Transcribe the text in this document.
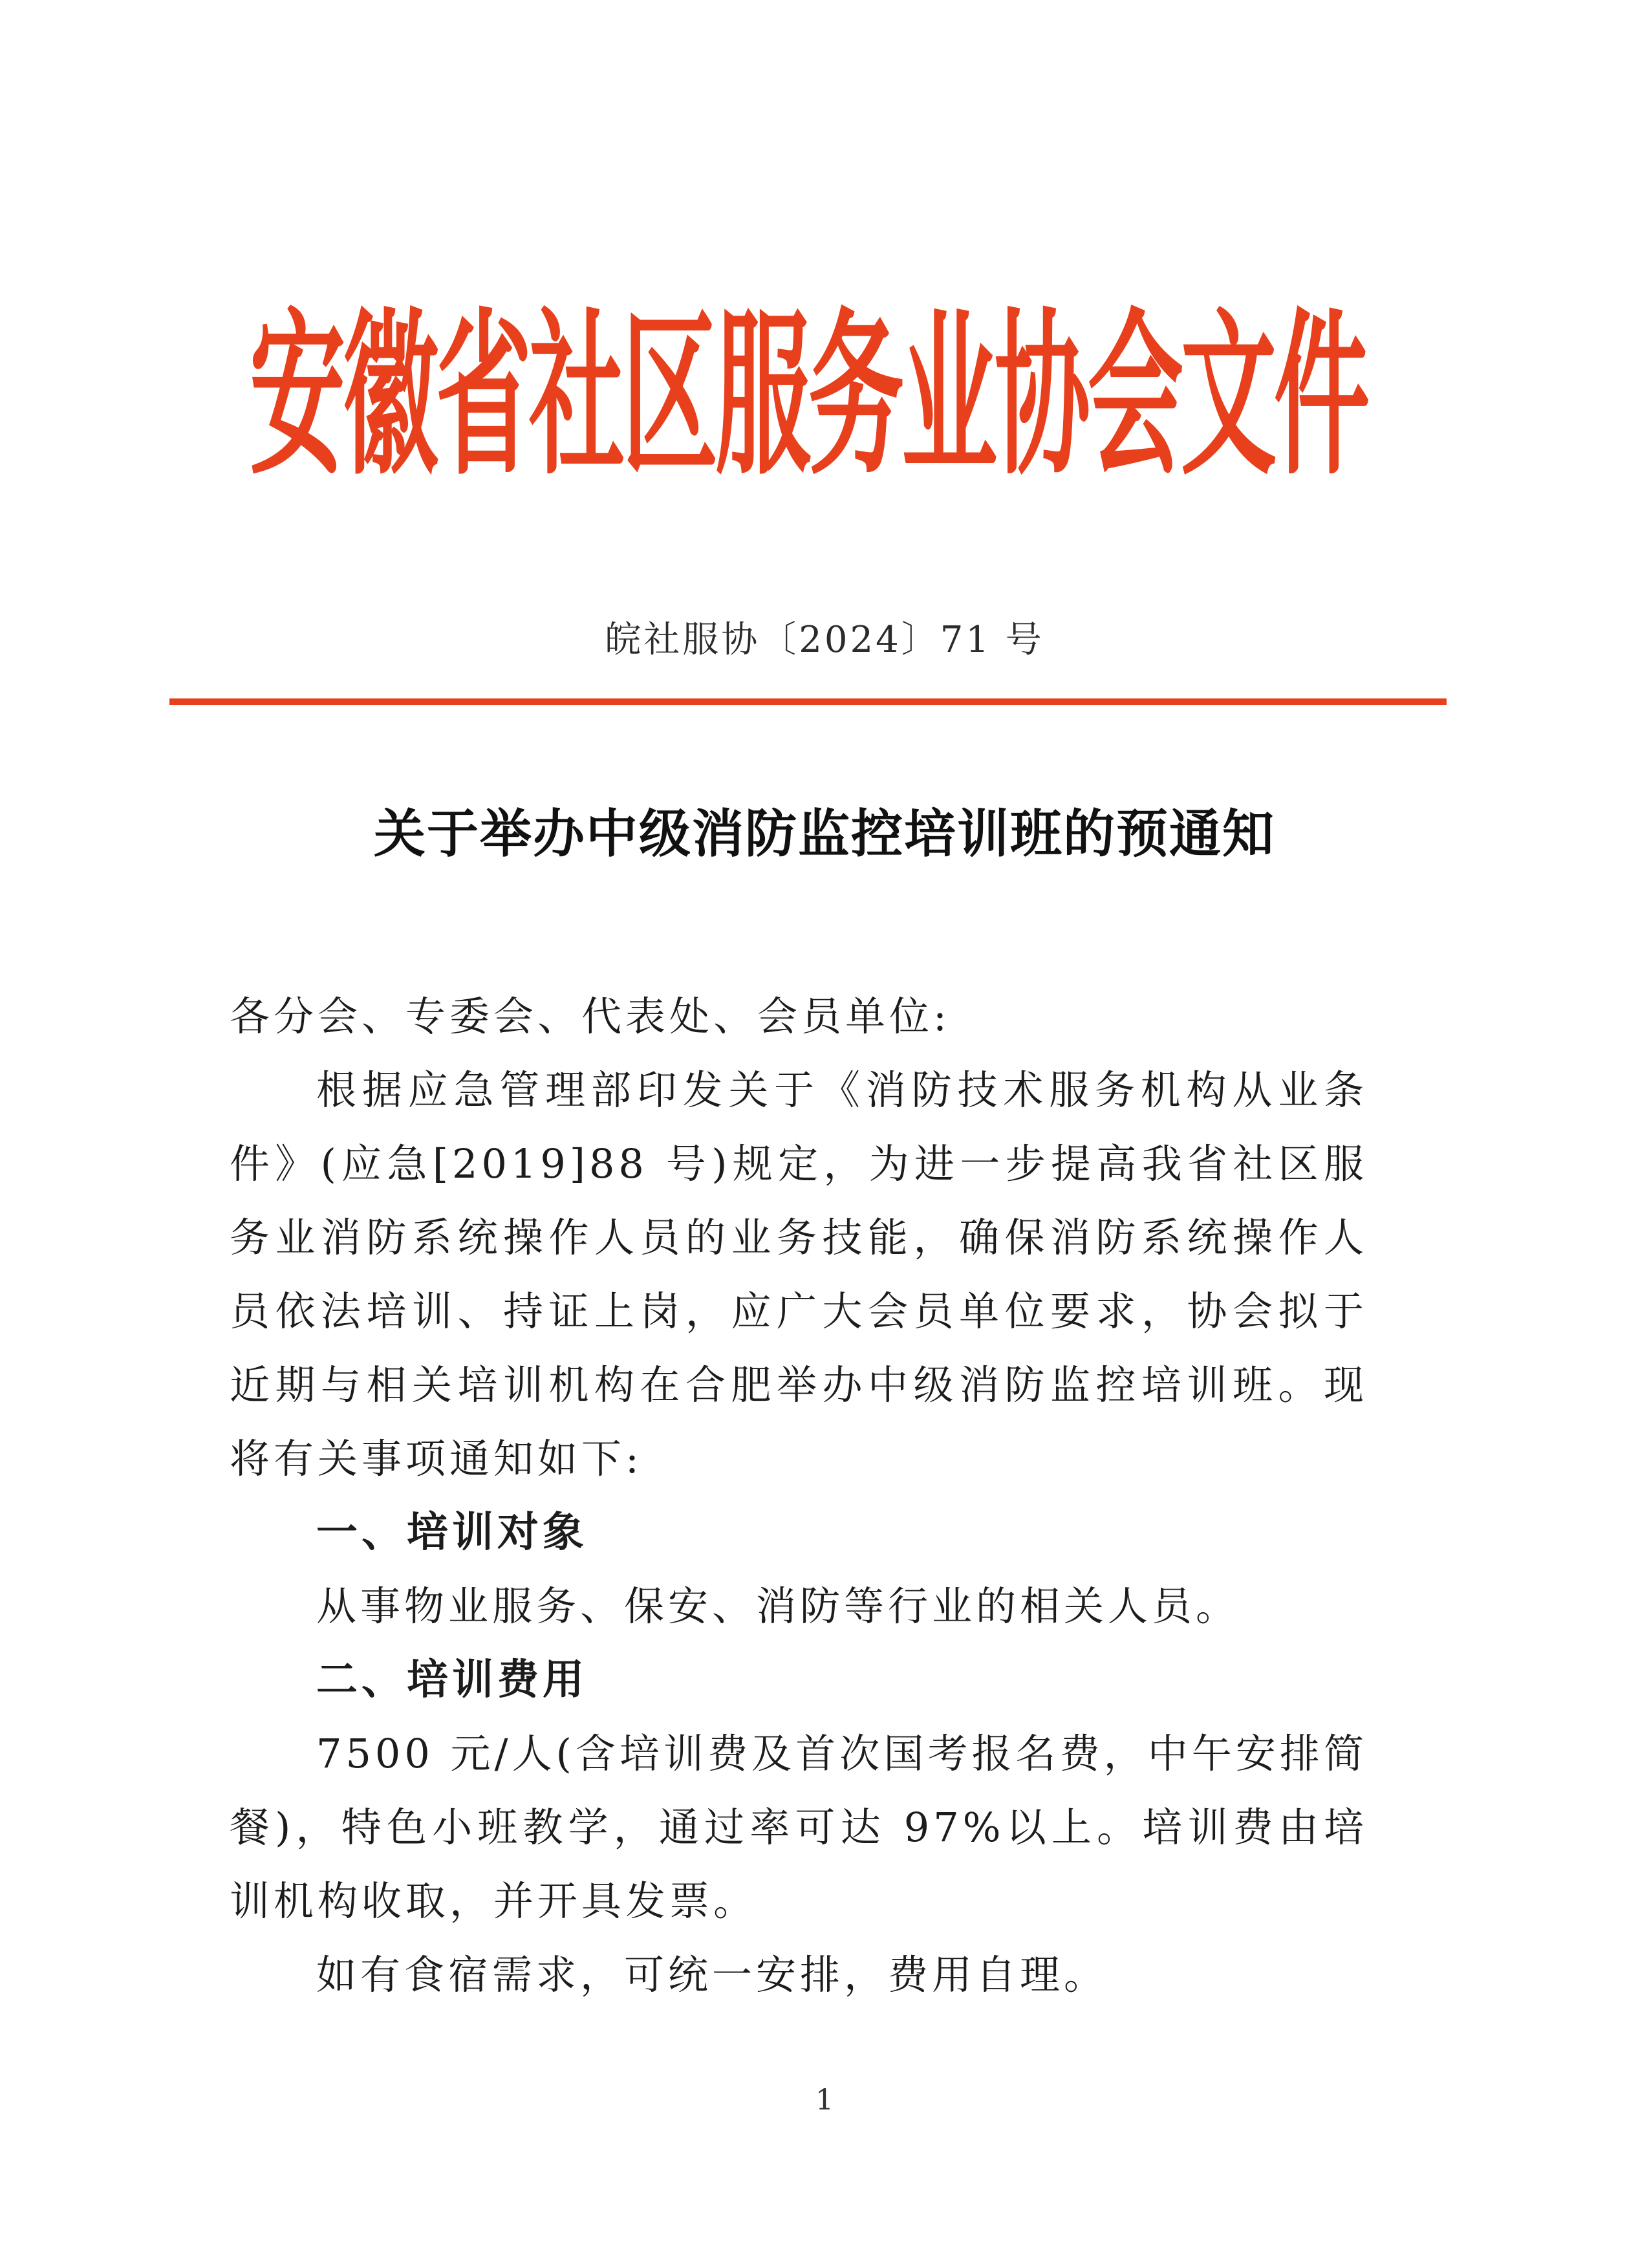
安徽省社区服务业协会文件
皖社服协〔2024〕71 号
关于举办中级消防监控培训班的预通知

各分会、专委会、代表处、会员单位:

根据应急管理部印发关于《消防技术服务机构从业条件》(应急[2019]88 号)规定，为进一步提高我省社区服务业消防系统操作人员的业务技能，确保消防系统操作人员依法培训、持证上岗，应广大会员单位要求，协会拟于近期与相关培训机构在合肥举办中级消防监控培训班。现将有关事项通知如下:

一、培训对象

从事物业服务、保安、消防等行业的相关人员。

二、培训费用

7500 元/人(含培训费及首次国考报名费，中午安排简餐)，特色小班教学，通过率可达 97%以上。培训费由培训机构收取，并开具发票。

如有食宿需求，可统一安排，费用自理。

1
